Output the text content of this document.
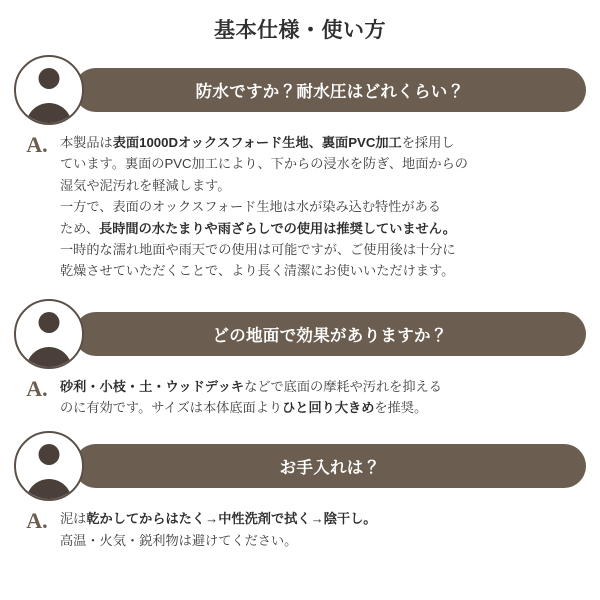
基本仕様・使い方
防水ですか？耐水圧はどれくらい？
A. 本製品は表面1000Dオックスフォード生地、裏面PVC加工を採用し

ています。裏面のPVC加工により、下からの浸水を防ぎ、地面からの

湿気や泥汚れを軽減します。

一方で、表面のオックスフォード生地は水が染み込む特性がある

ため、長時間の水たまりや雨ざらしでの使用は推奨していません。

一時的な濡れ地面や雨天での使用は可能ですが、ご使用後は十分に

乾燥させていただくことで、より長く清潔にお使いいただけます。

どの地面で効果がありますか？
A. 砂利・小枝・土・ウッドデッキなどで底面の摩耗や汚れを抑える

のに有効です。サイズは本体底面よりひと回り大きめを推奨。

お手入れは？
A. 泥は乾かしてからはたく→中性洗剤で拭く→陰干し。

高温・火気・鋭利物は避けてください。
